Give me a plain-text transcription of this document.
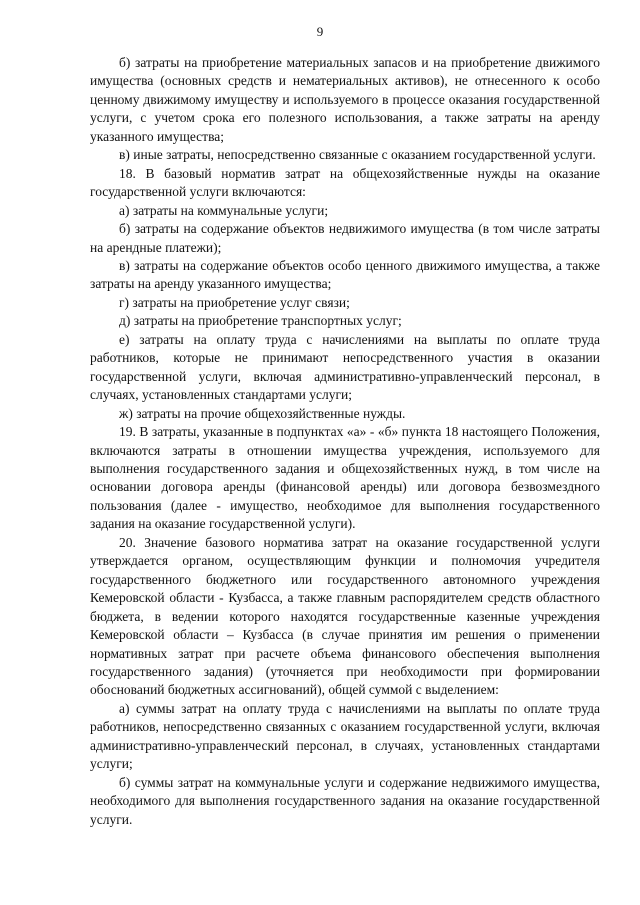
9

б) затраты на приобретение материальных запасов и на приобретение движимого имущества (основных средств и нематериальных активов), не отнесенного к особо ценному движимому имуществу и используемого в процессе оказания государственной услуги, с учетом срока его полезного использования, а также затраты на аренду указанного имущества;

в) иные затраты, непосредственно связанные с оказанием государственной услуги.

18. В базовый норматив затрат на общехозяйственные нужды на оказание государственной услуги включаются:

а) затраты на коммунальные услуги;

б) затраты на содержание объектов недвижимого имущества (в том числе затраты на арендные платежи);

в) затраты на содержание объектов особо ценного движимого имущества, а также затраты на аренду указанного имущества;

г) затраты на приобретение услуг связи;

д) затраты на приобретение транспортных услуг;

е) затраты на оплату труда с начислениями на выплаты по оплате труда работников, которые не принимают непосредственного участия в оказании государственной услуги, включая административно-управленческий персонал, в случаях, установленных стандартами услуги;

ж) затраты на прочие общехозяйственные нужды.

19. В затраты, указанные в подпунктах «а» - «б» пункта 18 настоящего Положения, включаются затраты в отношении имущества учреждения, используемого для выполнения государственного задания и общехозяйственных нужд, в том числе на основании договора аренды (финансовой аренды) или договора безвозмездного пользования (далее - имущество, необходимое для выполнения государственного задания на оказание государственной услуги).

20. Значение базового норматива затрат на оказание государственной услуги утверждается органом, осуществляющим функции и полномочия учредителя государственного бюджетного или государственного автономного учреждения Кемеровской области - Кузбасса, а также главным распорядителем средств областного бюджета, в ведении которого находятся государственные казенные учреждения Кемеровской области – Кузбасса (в случае принятия им решения о применении нормативных затрат при расчете объема финансового обеспечения выполнения государственного задания) (уточняется при необходимости при формировании обоснований бюджетных ассигнований), общей суммой с выделением:

а) суммы затрат на оплату труда с начислениями на выплаты по оплате труда работников, непосредственно связанных с оказанием государственной услуги, включая административно-управленческий персонал, в случаях, установленных стандартами услуги;

б) суммы затрат на коммунальные услуги и содержание недвижимого имущества, необходимого для выполнения государственного задания на оказание государственной услуги.
